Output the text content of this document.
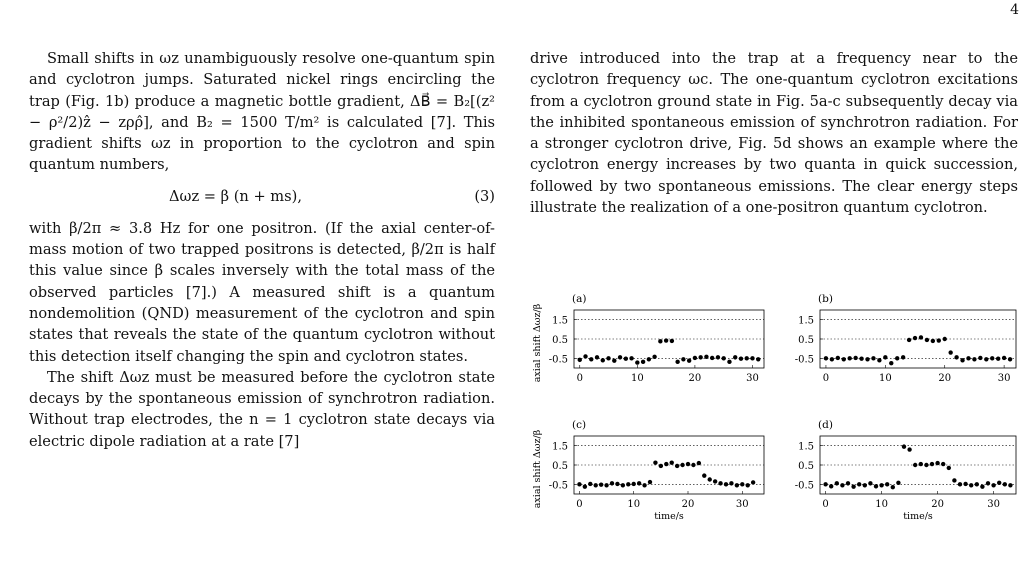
4

Small shifts in ωz unambiguously resolve one-quantum spin and cyclotron jumps. Saturated nickel rings encircling the trap (Fig. 1b) produce a magnetic bottle gradient, ΔB⃗ = B₂[(z² − ρ²/2)ẑ − zρρ̂], and B₂ = 1500 T/m² is calculated [7]. This gradient shifts ωz in proportion to the cyclotron and spin quantum numbers,

Δωz = β (n + ms),	(3)

with β/2π ≈ 3.8 Hz for one positron. (If the axial center-of-mass motion of two trapped positrons is detected, β/2π is half this value since β scales inversely with the total mass of the observed particles [7].) A measured shift is a quantum nondemolition (QND) measurement of the cyclotron and spin states that reveals the state of the quantum cyclotron without this detection itself changing the spin and cyclotron states.

The shift Δωz must be measured before the cyclotron state decays by the spontaneous emission of synchrotron radiation. Without trap electrodes, the n = 1 cyclotron state decays via electric dipole radiation at a rate [7]

drive introduced into the trap at a frequency near to the cyclotron frequency ωc. The one-quantum cyclotron excitations from a cyclotron ground state in Fig. 5a-c subsequently decay via the inhibited spontaneous emission of synchrotron radiation. For a stronger cyclotron drive, Fig. 5d shows an example where the cyclotron energy increases by two quanta in quick succession, followed by two spontaneous emissions. The clear energy steps illustrate the realization of a one-positron quantum cyclotron.

-0.5
0.5
1.5
0	10	20	30
(a)
axial shift Δωz/β	-0.5
0.5
1.5
0	10	20	30
(b)
-0.5
0.5
1.5
0	10	20	30
(c)
time/s
axial shift Δωz/β	-0.5
0.5
1.5
0	10	20	30
(d)
time/s
